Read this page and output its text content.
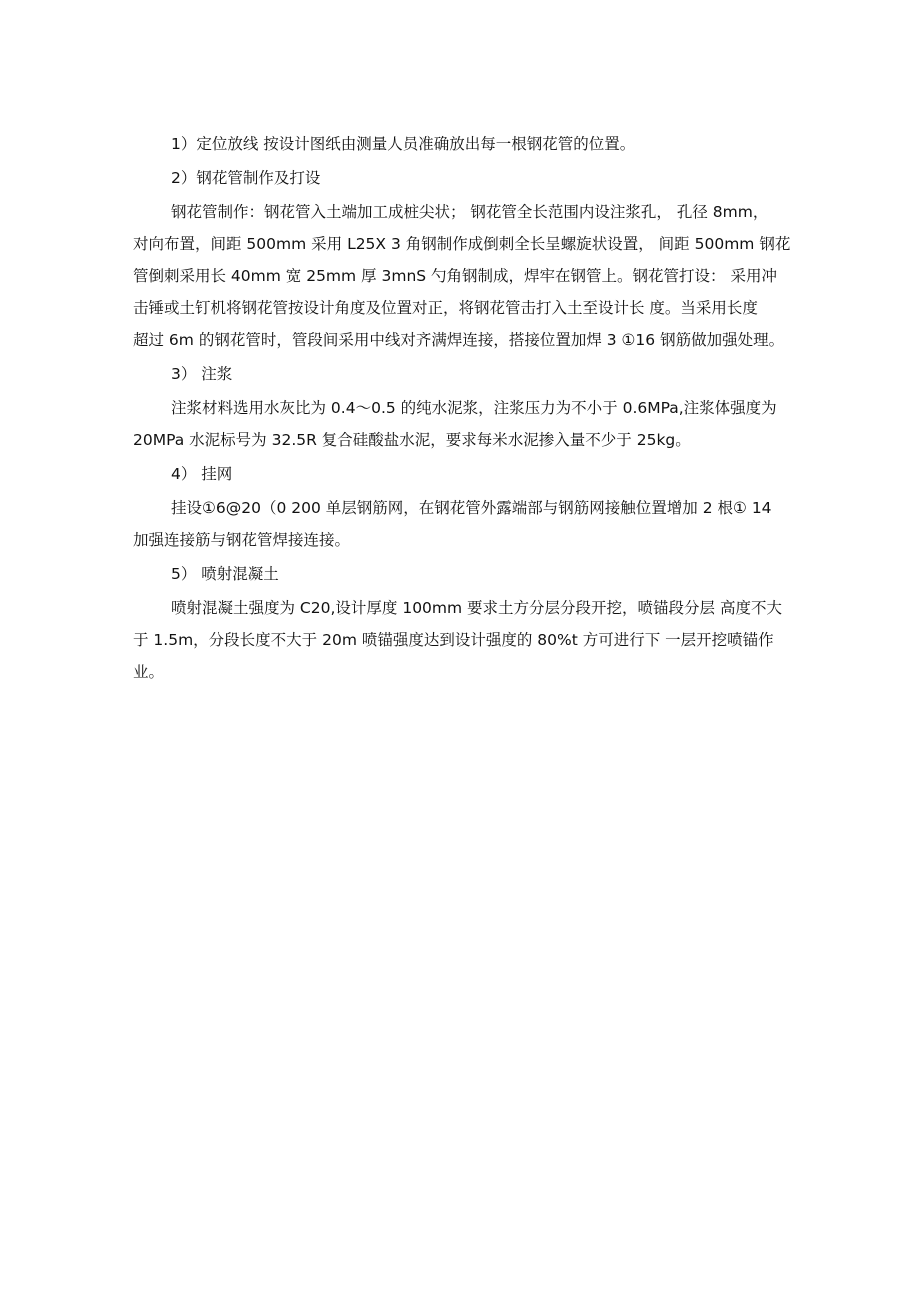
1）定位放线 按设计图纸由测量人员准确放出每一根钢花管的位置。
2）钢花管制作及打设
钢花管制作：钢花管入土端加工成桩尖状； 钢花管全长范围内设注浆孔， 孔径 8mm，
对向布置，间距 500mm 采用 L25X 3 角钢制作成倒刺全长呈螺旋状设置， 间距 500mm 钢花
管倒刺采用长 40mm 宽 25mm 厚 3mnS 勺角钢制成，焊牢在钢管上。钢花管打设： 采用冲
击锤或土钉机将钢花管按设计角度及位置对正，将钢花管击打入土至设计长 度。当采用长度
超过 6m 的钢花管时，管段间采用中线对齐满焊连接，搭接位置加焊 3 ①16 钢筋做加强处理。
3） 注浆
注浆材料选用水灰比为 0.4～0.5 的纯水泥浆，注浆压力为不小于 0.6MPa,注浆体强度为
20MPa 水泥标号为 32.5R 复合硅酸盐水泥，要求每米水泥掺入量不少于 25kg。
4） 挂网
挂设①6@20（0 200 单层钢筋网，在钢花管外露端部与钢筋网接触位置增加 2 根① 14
加强连接筋与钢花管焊接连接。
5） 喷射混凝土
喷射混凝土强度为 C20,设计厚度 100mm 要求土方分层分段开挖，喷锚段分层 高度不大
于 1.5m，分段长度不大于 20m 喷锚强度达到设计强度的 80%t 方可进行下 一层开挖喷锚作
业。
